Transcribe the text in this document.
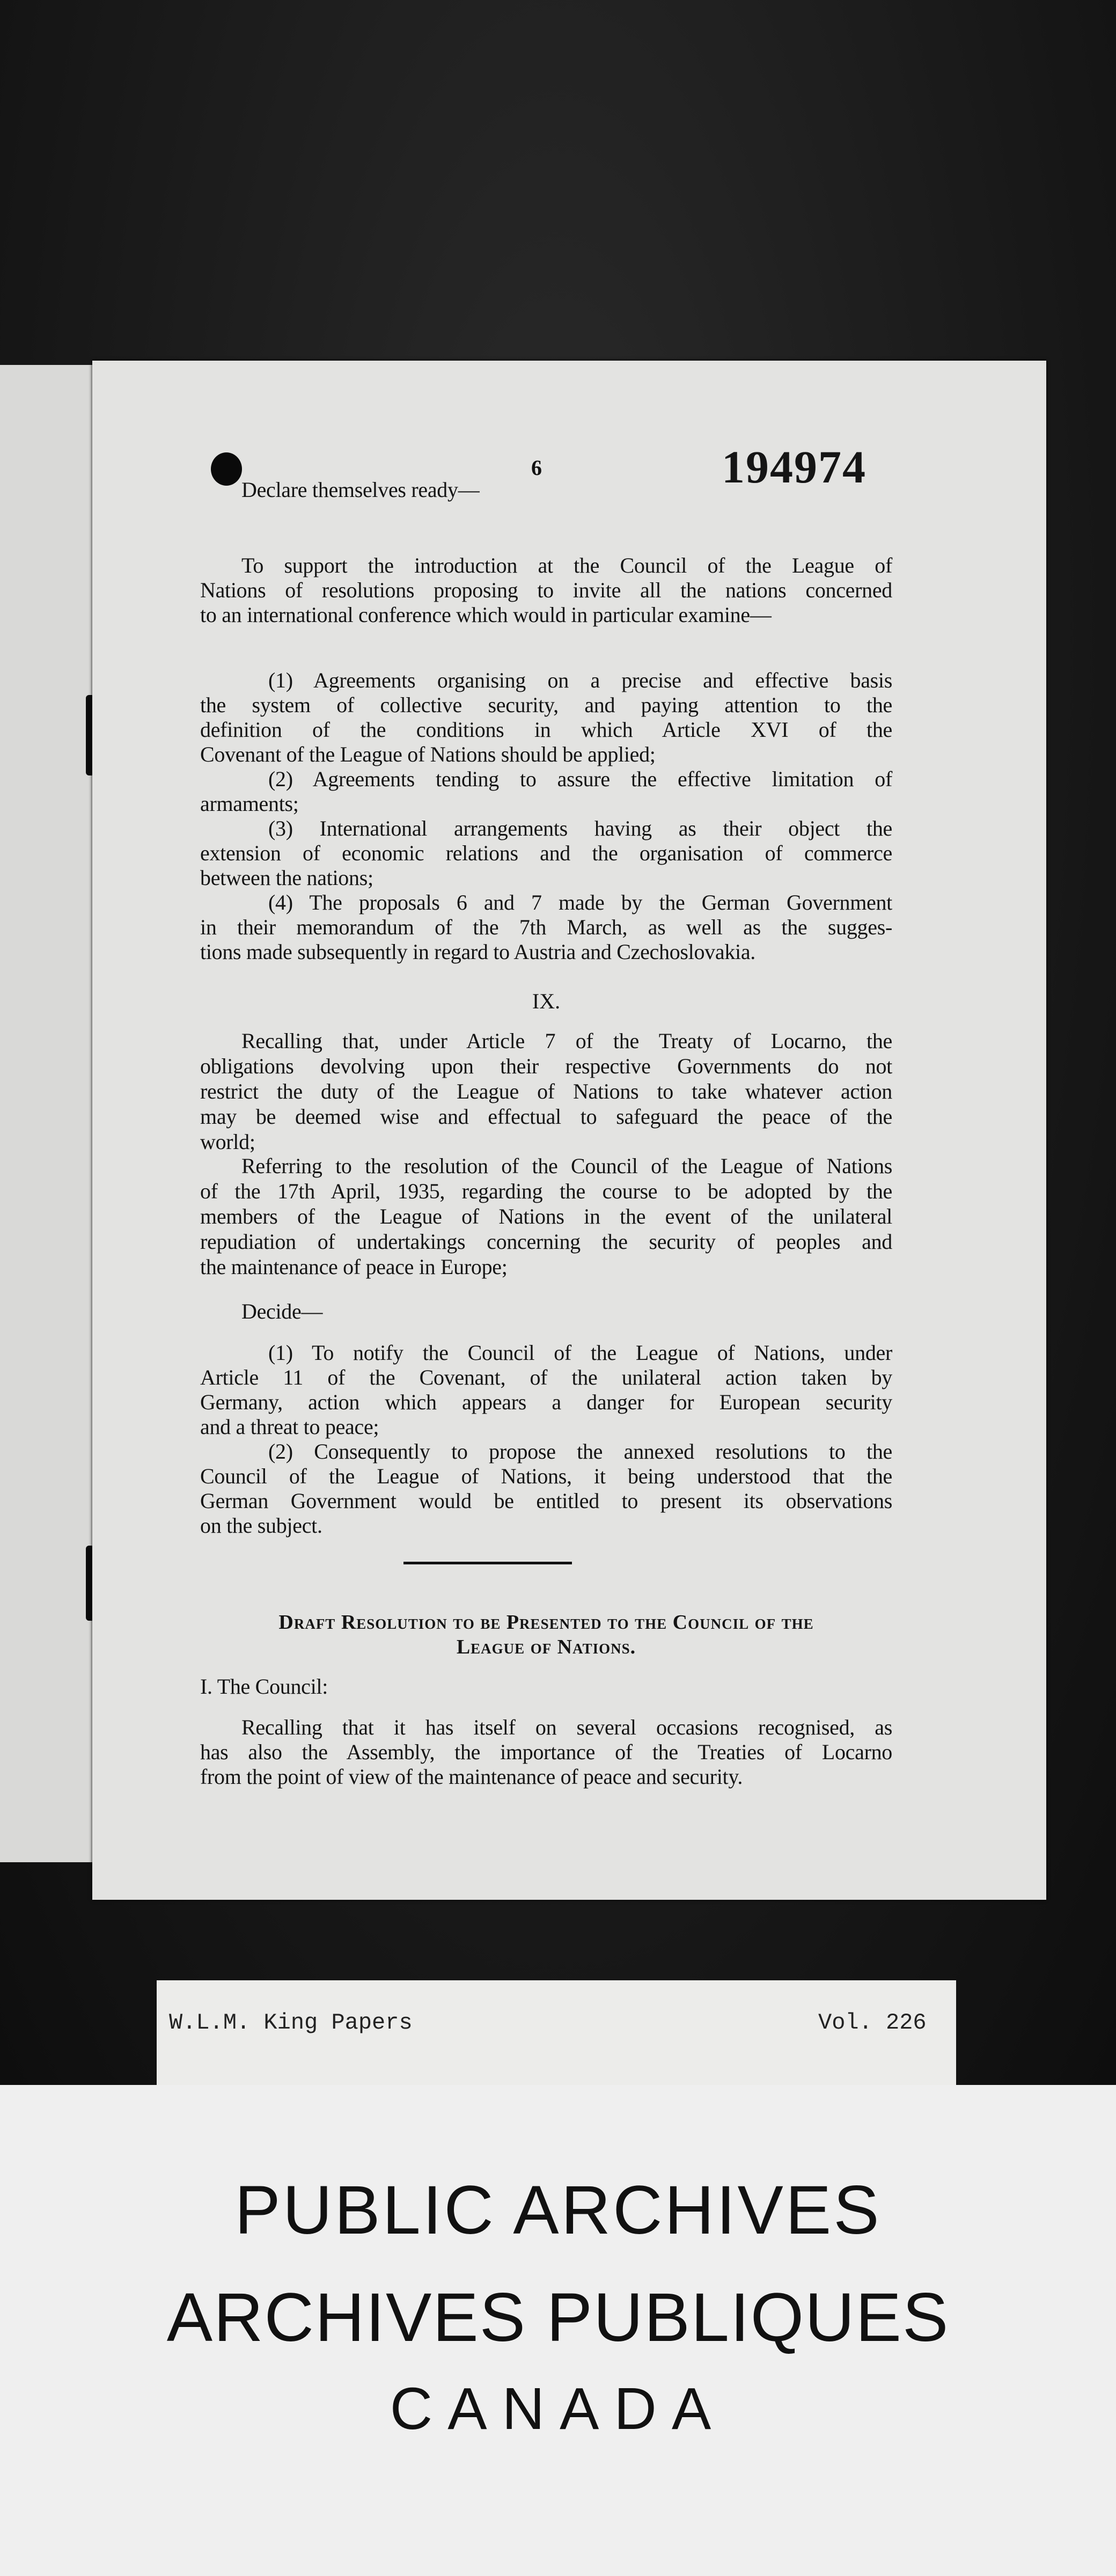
6	194974
Declare themselves ready—
To support the introduction at the Council of the League of
Nations of resolutions proposing to invite all the nations concerned
to an international conference which would in particular examine—
(1) Agreements organising on a precise and effective basis
the system of collective security, and paying attention to the
definition of the conditions in which Article XVI of the
Covenant of the League of Nations should be applied;
(2) Agreements tending to assure the effective limitation of
armaments;
(3) International arrangements having as their object the
extension of economic relations and the organisation of commerce
between the nations;
(4) The proposals 6 and 7 made by the German Government
in their memorandum of the 7th March, as well as the sugges-
tions made subsequently in regard to Austria and Czechoslovakia.
IX.
Recalling that, under Article 7 of the Treaty of Locarno, the
obligations devolving upon their respective Governments do not
restrict the duty of the League of Nations to take whatever action
may be deemed wise and effectual to safeguard the peace of the
world;
Referring to the resolution of the Council of the League of Nations
of the 17th April, 1935, regarding the course to be adopted by the
members of the League of Nations in the event of the unilateral
repudiation of undertakings concerning the security of peoples and
the maintenance of peace in Europe;
Decide—
(1) To notify the Council of the League of Nations, under
Article 11 of the Covenant, of the unilateral action taken by
Germany, action which appears a danger for European security
and a threat to peace;
(2) Consequently to propose the annexed resolutions to the
Council of the League of Nations, it being understood that the
German Government would be entitled to present its observations
on the subject.
Draft Resolution to be Presented to the Council of the
League of Nations.
I. The Council:
Recalling that it has itself on several occasions recognised, as
has also the Assembly, the importance of the Treaties of Locarno
from the point of view of the maintenance of peace and security.
W.L.M. King Papers	Vol. 226
PUBLIC ARCHIVES
ARCHIVES PUBLIQUES
CANADA
